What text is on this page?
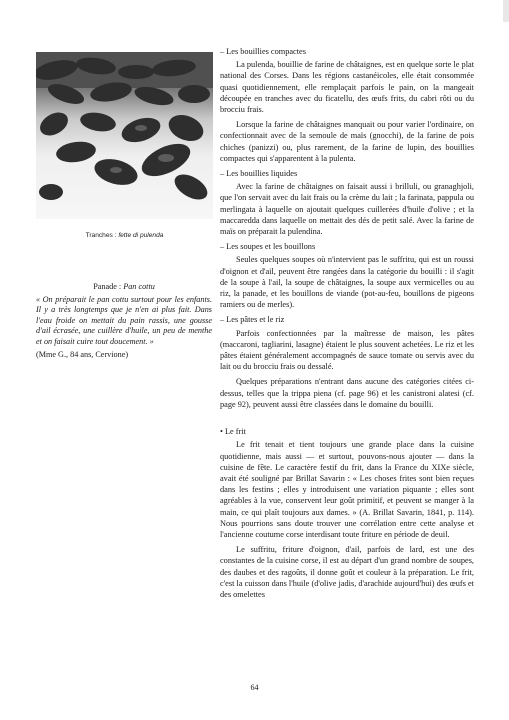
Tranches : fette di pulenda
Panade : Pan cottu

« On préparait le pan cottu surtout pour les enfants. Il y a très longtemps que je n'en ai plus fait. Dans l'eau froide on mettait du pain rassis, une gousse d'ail écrasée, une cuillère d'huile, un peu de menthe et on faisait cuire tout doucement. »

(Mme G., 84 ans, Cervione)

– Les bouillies compactes

La pulenda, bouillie de farine de châtaignes, est en quelque sorte le plat national des Corses. Dans les régions castanéicoles, elle était consommée quasi quotidiennement, elle remplaçait parfois le pain, on la mangeait découpée en tranches avec du ficatellu, des œufs frits, du cabri rôti ou du brocciu frais.

Lorsque la farine de châtaignes manquait ou pour varier l'ordinaire, on confectionnait avec de la semoule de maïs (gnocchi), de la farine de pois chiches (panizzi) ou, plus rarement, de la farine de lupin, des bouillies compactes qui s'apparentent à la pulenta.

– Les bouillies liquides

Avec la farine de châtaignes on faisait aussi i brilluli, ou granaghjoli, que l'on servait avec du lait frais ou la crème du lait ; la farinata, pappula ou merlingata à laquelle on ajoutait quelques cuillerées d'huile d'olive ; et la maccaredda dans laquelle on mettait des dés de petit salé. Avec la farine de maïs on préparait la pulendina.

– Les soupes et les bouillons

Seules quelques soupes où n'intervient pas le suffritu, qui est un roussi d'oignon et d'ail, peuvent être rangées dans la catégorie du bouilli : il s'agit de la soupe à l'ail, la soupe de châtaignes, la soupe aux vermicelles ou au riz, la panade, et les bouillons de viande (pot-au-feu, bouillons de pigeons ramiers ou de merles).

– Les pâtes et le riz

Parfois confectionnées par la maîtresse de maison, les pâtes (maccaroni, tagliarini, lasagne) étaient le plus souvent achetées. Le riz et les pâtes étaient généralement accompagnés de sauce tomate ou servis avec du lait ou du brocciu frais ou dessalé.

Quelques préparations n'entrant dans aucune des catégories citées ci-dessus, telles que la trippa piena (cf. page 96) et les canistroni alatesi (cf. page 92), peuvent aussi être classées dans le domaine du bouilli.

• Le frit

Le frit tenait et tient toujours une grande place dans la cuisine quotidienne, mais aussi — et surtout, pouvons-nous ajouter — dans la cuisine de fête. Le caractère festif du frit, dans la France du XIXe siècle, avait été souligné par Brillat Savarin : « Les choses frites sont bien reçues dans les festins ; elles y introduisent une variation piquante ; elles sont agréables à la vue, conservent leur goût primitif, et peuvent se manger à la main, ce qui plaît toujours aux dames. » (A. Brillat Savarin, 1841, p. 114). Nous pourrions sans doute trouver une corrélation entre cette analyse et l'ancienne coutume corse interdisant toute friture en période de deuil.

Le suffritu, friture d'oignon, d'ail, parfois de lard, est une des constantes de la cuisine corse, il est au départ d'un grand nombre de soupes, des daubes et des ragoûts, il donne goût et couleur à la préparation. Le frit, c'est la cuisson dans l'huile (d'olive jadis, d'arachide aujourd'hui) des œufs et des omelettes

64
